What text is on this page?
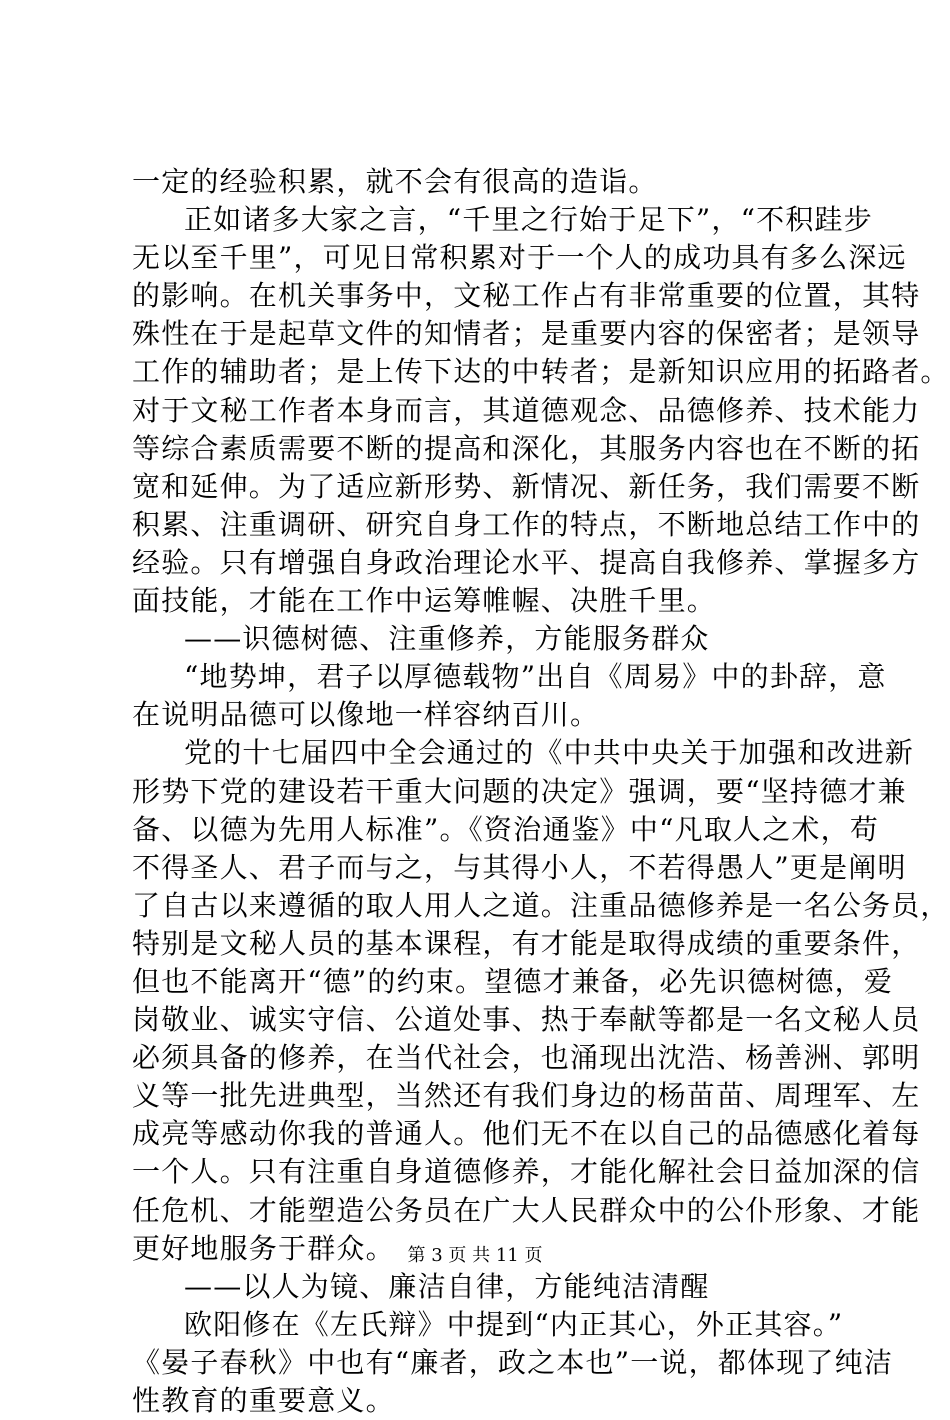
一定的经验积累，就不会有很高的造诣。
正如诸多大家之言，“千里之行始于足下”，“不积跬步
无以至千里”，可见日常积累对于一个人的成功具有多么深远
的影响。在机关事务中，文秘工作占有非常重要的位置，其特
殊性在于是起草文件的知情者；是重要内容的保密者；是领导
工作的辅助者；是上传下达的中转者；是新知识应用的拓路者。
对于文秘工作者本身而言，其道德观念、品德修养、技术能力
等综合素质需要不断的提高和深化，其服务内容也在不断的拓
宽和延伸。为了适应新形势、新情况、新任务，我们需要不断
积累、注重调研、研究自身工作的特点，不断地总结工作中的
经验。只有增强自身政治理论水平、提高自我修养、掌握多方
面技能，才能在工作中运筹帷幄、决胜千里。
——识德树德、注重修养，方能服务群众
“地势坤，君子以厚德载物”出自《周易》中的卦辞，意
在说明品德可以像地一样容纳百川。
党的十七届四中全会通过的《中共中央关于加强和改进新
形势下党的建设若干重大问题的决定》强调，要“坚持德才兼
备、以德为先用人标准”。《资治通鉴》中“凡取人之术，苟
不得圣人、君子而与之，与其得小人，不若得愚人”更是阐明
了自古以来遵循的取人用人之道。注重品德修养是一名公务员，
特别是文秘人员的基本课程，有才能是取得成绩的重要条件，
但也不能离开“德”的约束。望德才兼备，必先识德树德，爱
岗敬业、诚实守信、公道处事、热于奉献等都是一名文秘人员
必须具备的修养，在当代社会，也涌现出沈浩、杨善洲、郭明
义等一批先进典型，当然还有我们身边的杨苗苗、周理军、左
成亮等感动你我的普通人。他们无不在以自己的品德感化着每
一个人。只有注重自身道德修养，才能化解社会日益加深的信
任危机、才能塑造公务员在广大人民群众中的公仆形象、才能
更好地服务于群众。
——以人为镜、廉洁自律，方能纯洁清醒
欧阳修在《左氏辩》中提到“内正其心，外正其容。”
《晏子春秋》中也有“廉者，政之本也”一说，都体现了纯洁
性教育的重要意义。
第 3 页 共 11 页
